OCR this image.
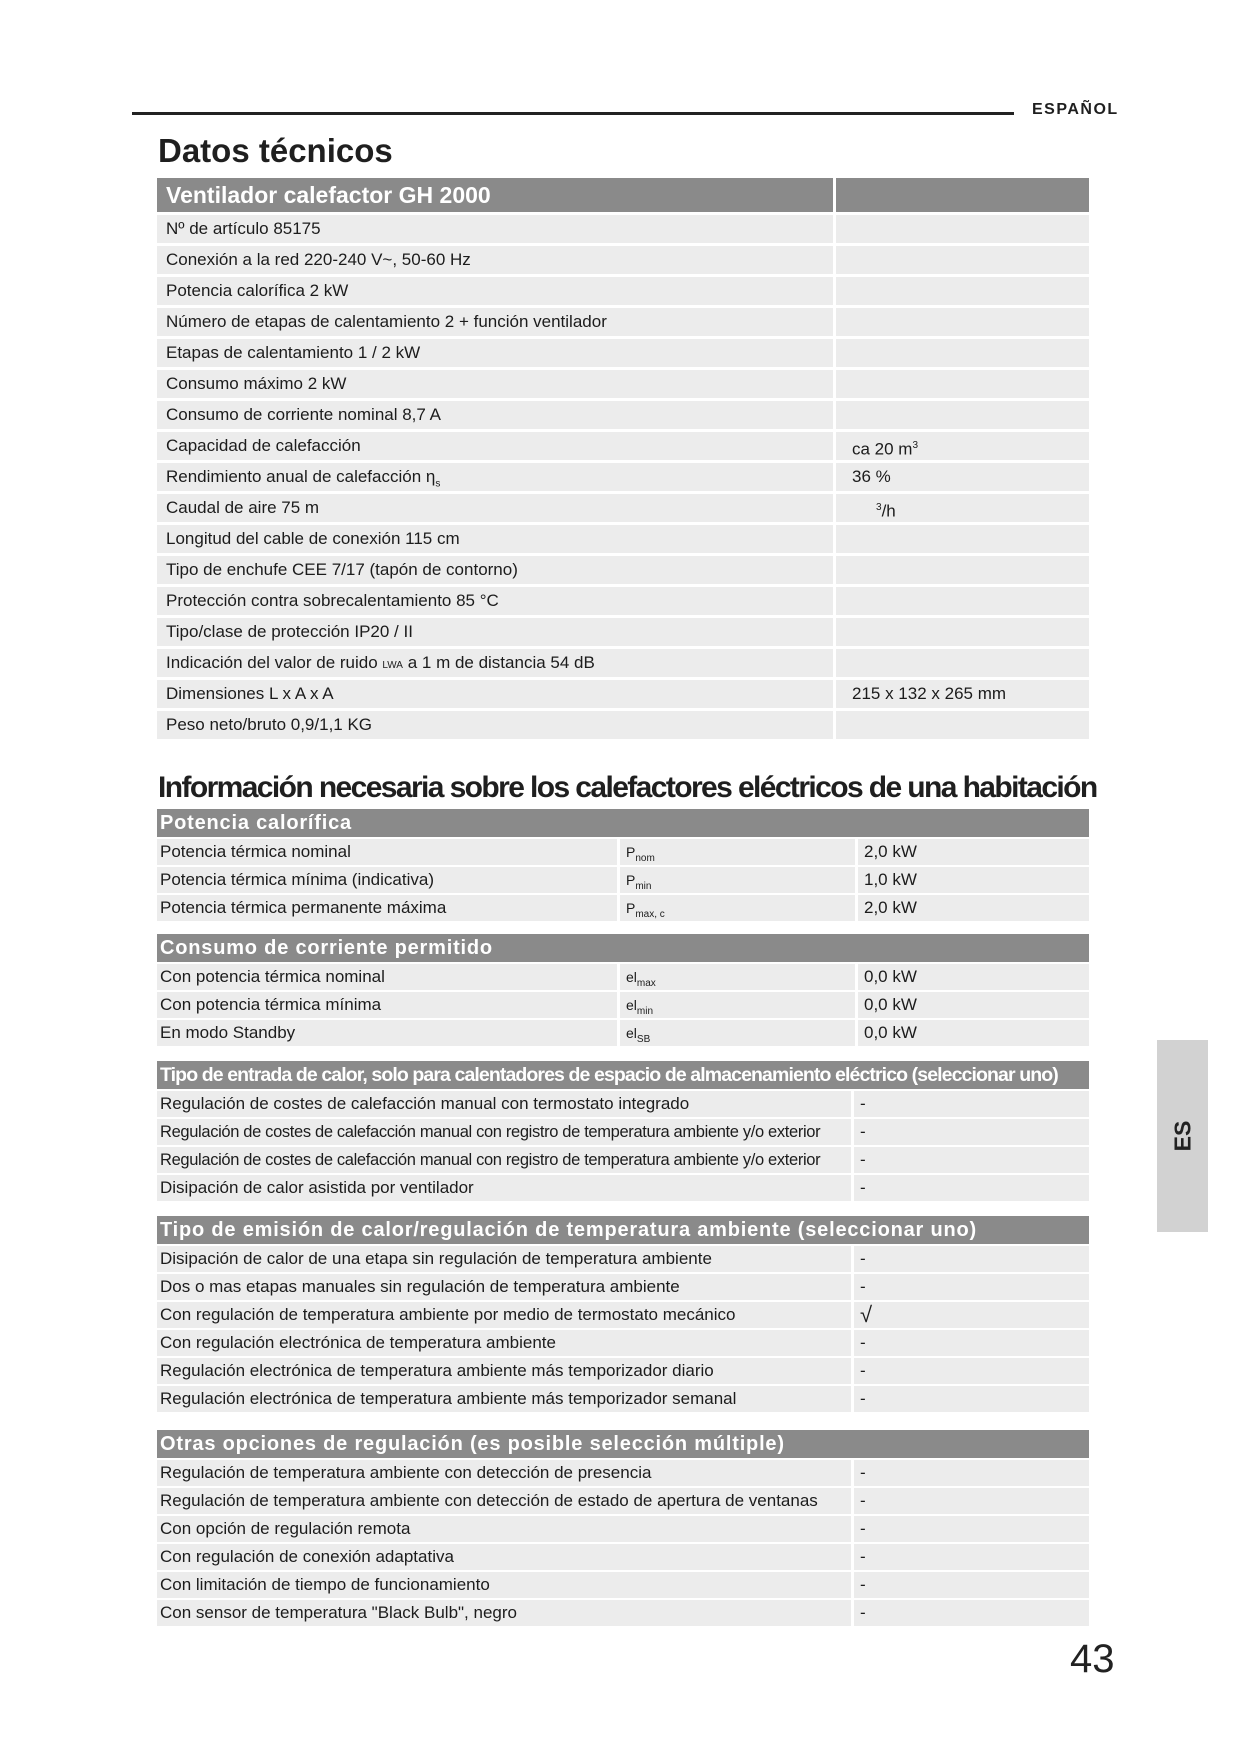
ESPAÑOL
Datos técnicos
Ventilador calefactor GH 2000
Nº de artículo 85175
Conexión a la red 220-240 V~, 50-60 Hz
Potencia calorífica 2 kW
Número de etapas de calentamiento 2 + función ventilador
Etapas de calentamiento 1 / 2 kW
Consumo máximo 2 kW
Consumo de corriente nominal 8,7 A
Capacidad de calefacción	ca 20 $m^3$
Rendimiento anual de calefacción $\eta_s$	36 %
Caudal de aire 75 m	$^3$/h
Longitud del cable de conexión 115 cm
Tipo de enchufe CEE 7/17 (tapón de contorno)
Protección contra sobrecalentamiento 85 °C
Tipo/clase de protección IP20 / II
Indicación del valor de ruido LWA a 1 m de distancia 54 dB
Dimensiones L x A x A	215 x 132 x 265 mm
Peso neto/bruto 0,9/1,1 KG
Información necesaria sobre los calefactores eléctricos de una habitación
Potencia calorífica
Potencia térmica nominal	$P_{nom}$	2,0 kW
Potencia térmica mínima (indicativa)	$P_{min}$	1,0 kW
Potencia térmica permanente máxima	$P_{max, c}$	2,0 kW
Consumo de corriente permitido
Con potencia térmica nominal	$el_{max}$	0,0 kW
Con potencia térmica mínima	$el_{min}$	0,0 kW
En modo Standby	$el_{SB}$	0,0 kW
Tipo de entrada de calor, solo para calentadores de espacio de almacenamiento eléctrico (seleccionar uno)
Regulación de costes de calefacción manual con termostato integrado	-
Regulación de costes de calefacción manual con registro de temperatura ambiente y/o exterior	-
Regulación de costes de calefacción manual con registro de temperatura ambiente y/o exterior	-
Disipación de calor asistida por ventilador	-
Tipo de emisión de calor/regulación de temperatura ambiente (seleccionar uno)
Disipación de calor de una etapa sin regulación de temperatura ambiente	-
Dos o mas etapas manuales sin regulación de temperatura ambiente	-
Con regulación de temperatura ambiente por medio de termostato mecánico	√
Con regulación electrónica de temperatura ambiente	-
Regulación electrónica de temperatura ambiente más temporizador diario	-
Regulación electrónica de temperatura ambiente más temporizador semanal	-
Otras opciones de regulación (es posible selección múltiple)
Regulación de temperatura ambiente con detección de presencia	-
Regulación de temperatura ambiente con detección de estado de apertura de ventanas	-
Con opción de regulación remota	-
Con regulación de conexión adaptativa	-
Con limitación de tiempo de funcionamiento	-
Con sensor de temperatura "Black Bulb", negro	-
ES
43
